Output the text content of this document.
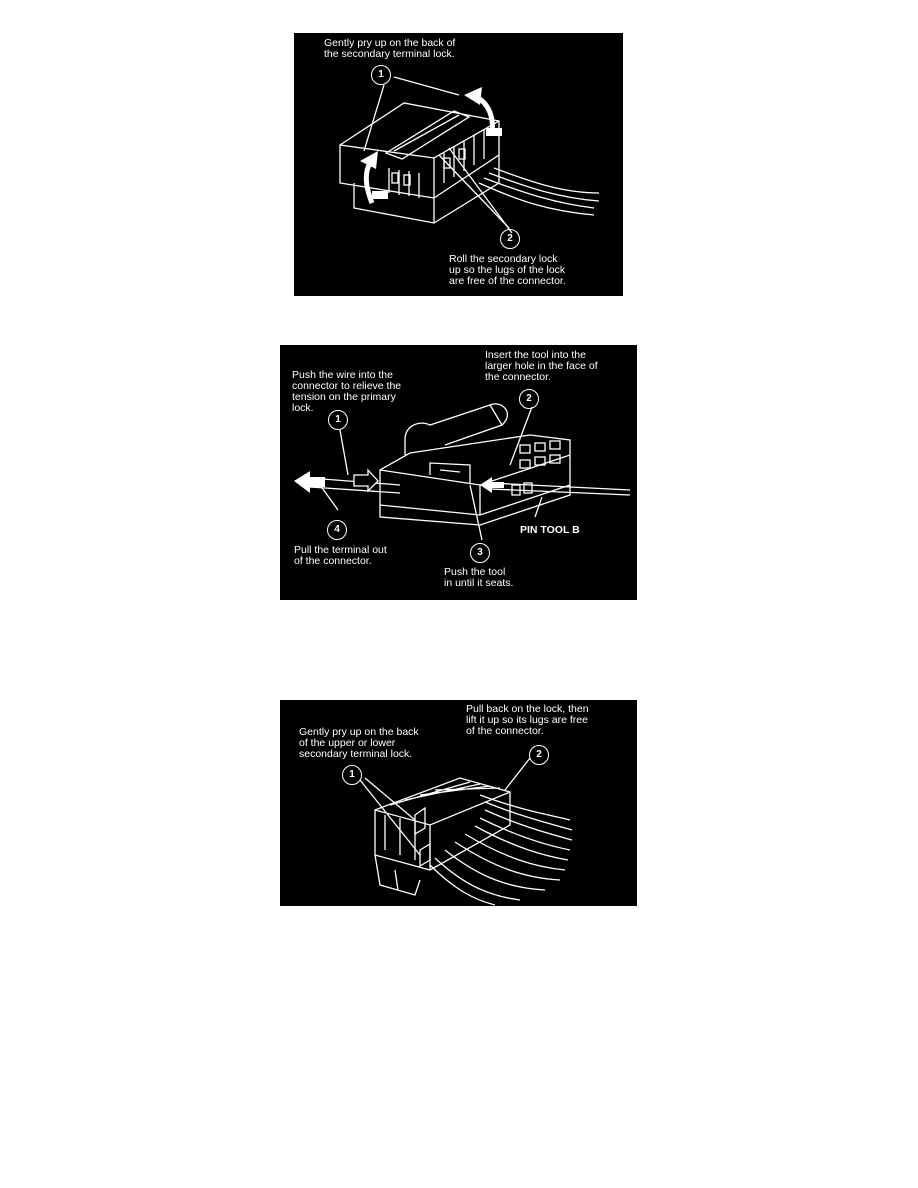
Gently pry up on the back of
the secondary terminal lock.
1
2
Roll the secondary lock
up so the lugs of the lock
are free of the connector.
Push the wire into the
connector to relieve the
tension on the primary
lock.
Insert the tool into the
larger hole in the face of
the connector.
1
2
PIN TOOL B
4
3
Pull the terminal out
of the connector.
Push the tool
in until it seats.
Gently pry up on the back
of the upper or lower
secondary terminal lock.
Pull back on the lock, then
lift it up so its lugs are free
of the connector.
1
2
